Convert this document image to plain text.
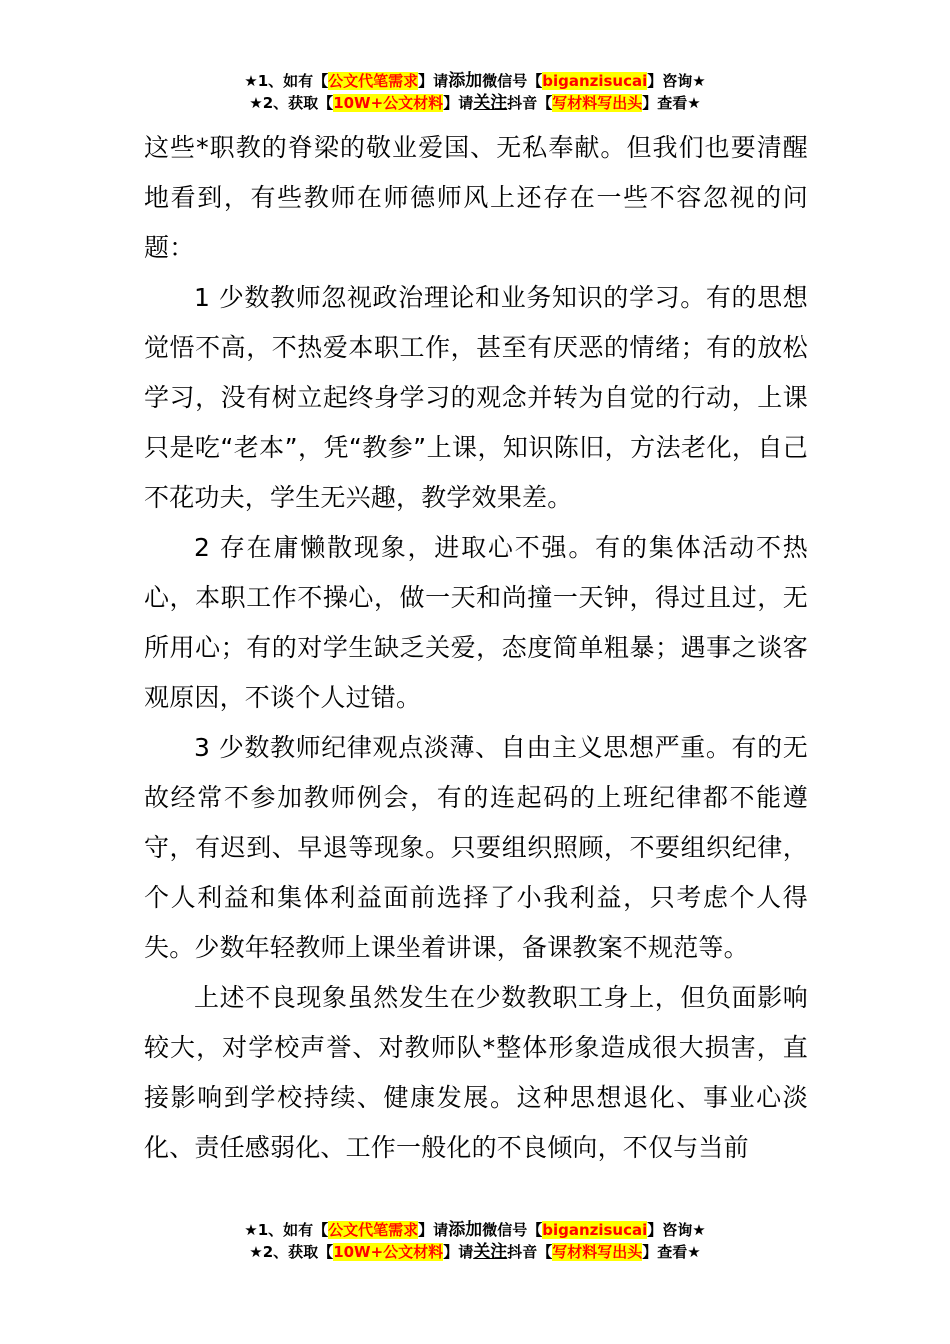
★1、如有【公文代笔需求】请添加微信号【biganzisucai】咨询★
★2、获取【10W+公文材料】请关注抖音【写材料写出头】查看★

这些*职教的脊梁的敬业爱国、无私奉献。但我们也要清醒地看到，有些教师在师德师风上还存在一些不容忽视的问题：

1 少数教师忽视政治理论和业务知识的学习。有的思想觉悟不高，不热爱本职工作，甚至有厌恶的情绪；有的放松学习，没有树立起终身学习的观念并转为自觉的行动，上课只是吃“老本”，凭“教参”上课，知识陈旧，方法老化，自己不花功夫，学生无兴趣，教学效果差。

2 存在庸懒散现象，进取心不强。有的集体活动不热心，本职工作不操心，做一天和尚撞一天钟，得过且过，无所用心；有的对学生缺乏关爱，态度简单粗暴；遇事之谈客观原因，不谈个人过错。

3 少数教师纪律观点淡薄、自由主义思想严重。有的无故经常不参加教师例会，有的连起码的上班纪律都不能遵守，有迟到、早退等现象。只要组织照顾，不要组织纪律，个人利益和集体利益面前选择了小我利益，只考虑个人得失。少数年轻教师上课坐着讲课，备课教案不规范等。

上述不良现象虽然发生在少数教职工身上，但负面影响较大，对学校声誉、对教师队*整体形象造成很大损害，直接影响到学校持续、健康发展。这种思想退化、事业心淡化、责任感弱化、工作一般化的不良倾向，不仅与当前

★1、如有【公文代笔需求】请添加微信号【biganzisucai】咨询★
★2、获取【10W+公文材料】请关注抖音【写材料写出头】查看★
